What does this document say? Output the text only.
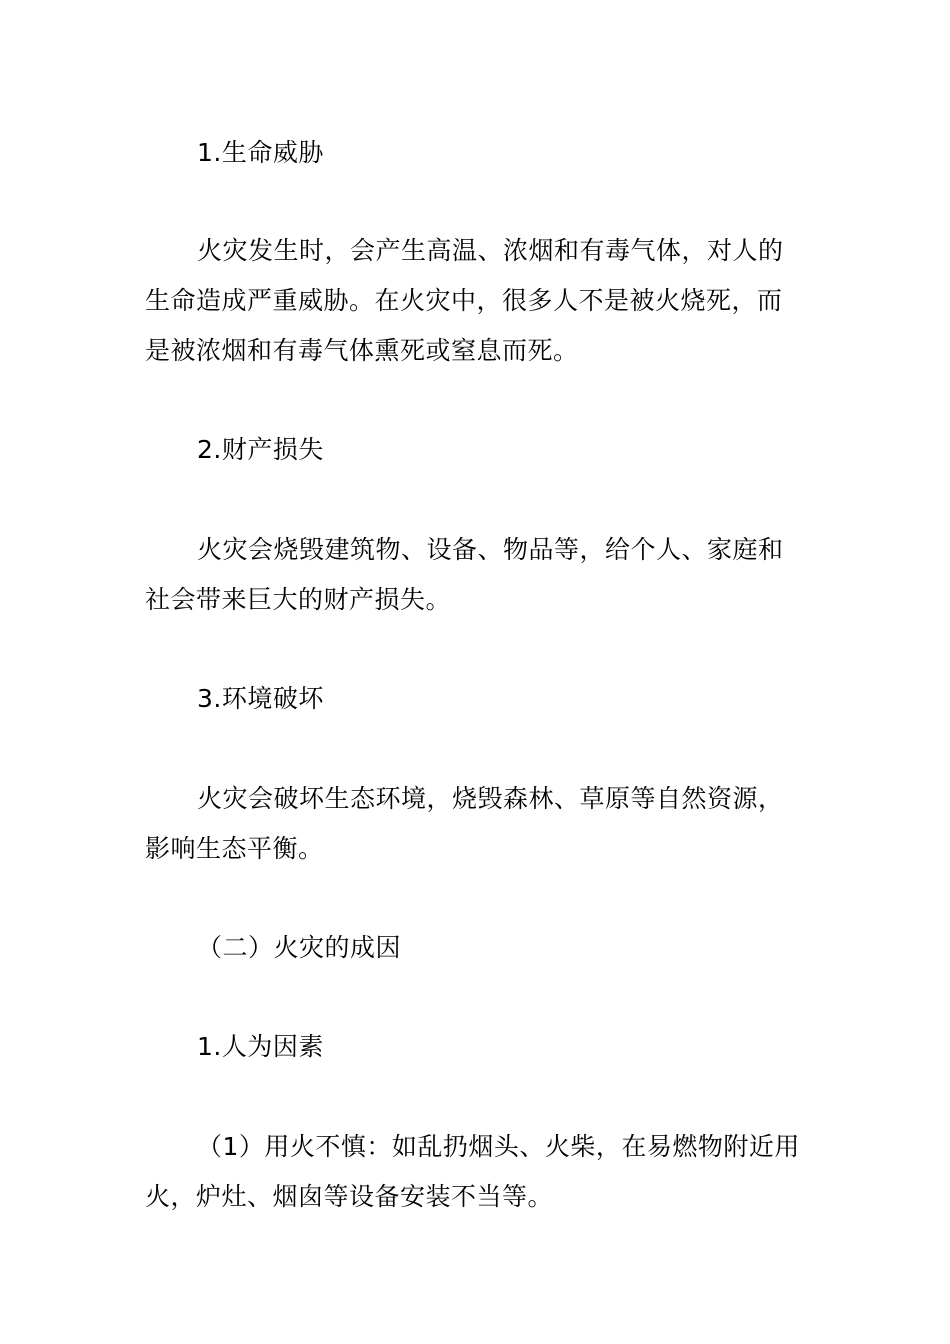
1.生命威胁
火灾发生时，会产生高温、浓烟和有毒气体，对人的
生命造成严重威胁。在火灾中，很多人不是被火烧死，而
是被浓烟和有毒气体熏死或窒息而死。
2.财产损失
火灾会烧毁建筑物、设备、物品等，给个人、家庭和
社会带来巨大的财产损失。
3.环境破坏
火灾会破坏生态环境，烧毁森林、草原等自然资源，
影响生态平衡。
（二）火灾的成因
1.人为因素
（1）用火不慎：如乱扔烟头、火柴，在易燃物附近用
火，炉灶、烟囱等设备安装不当等。
